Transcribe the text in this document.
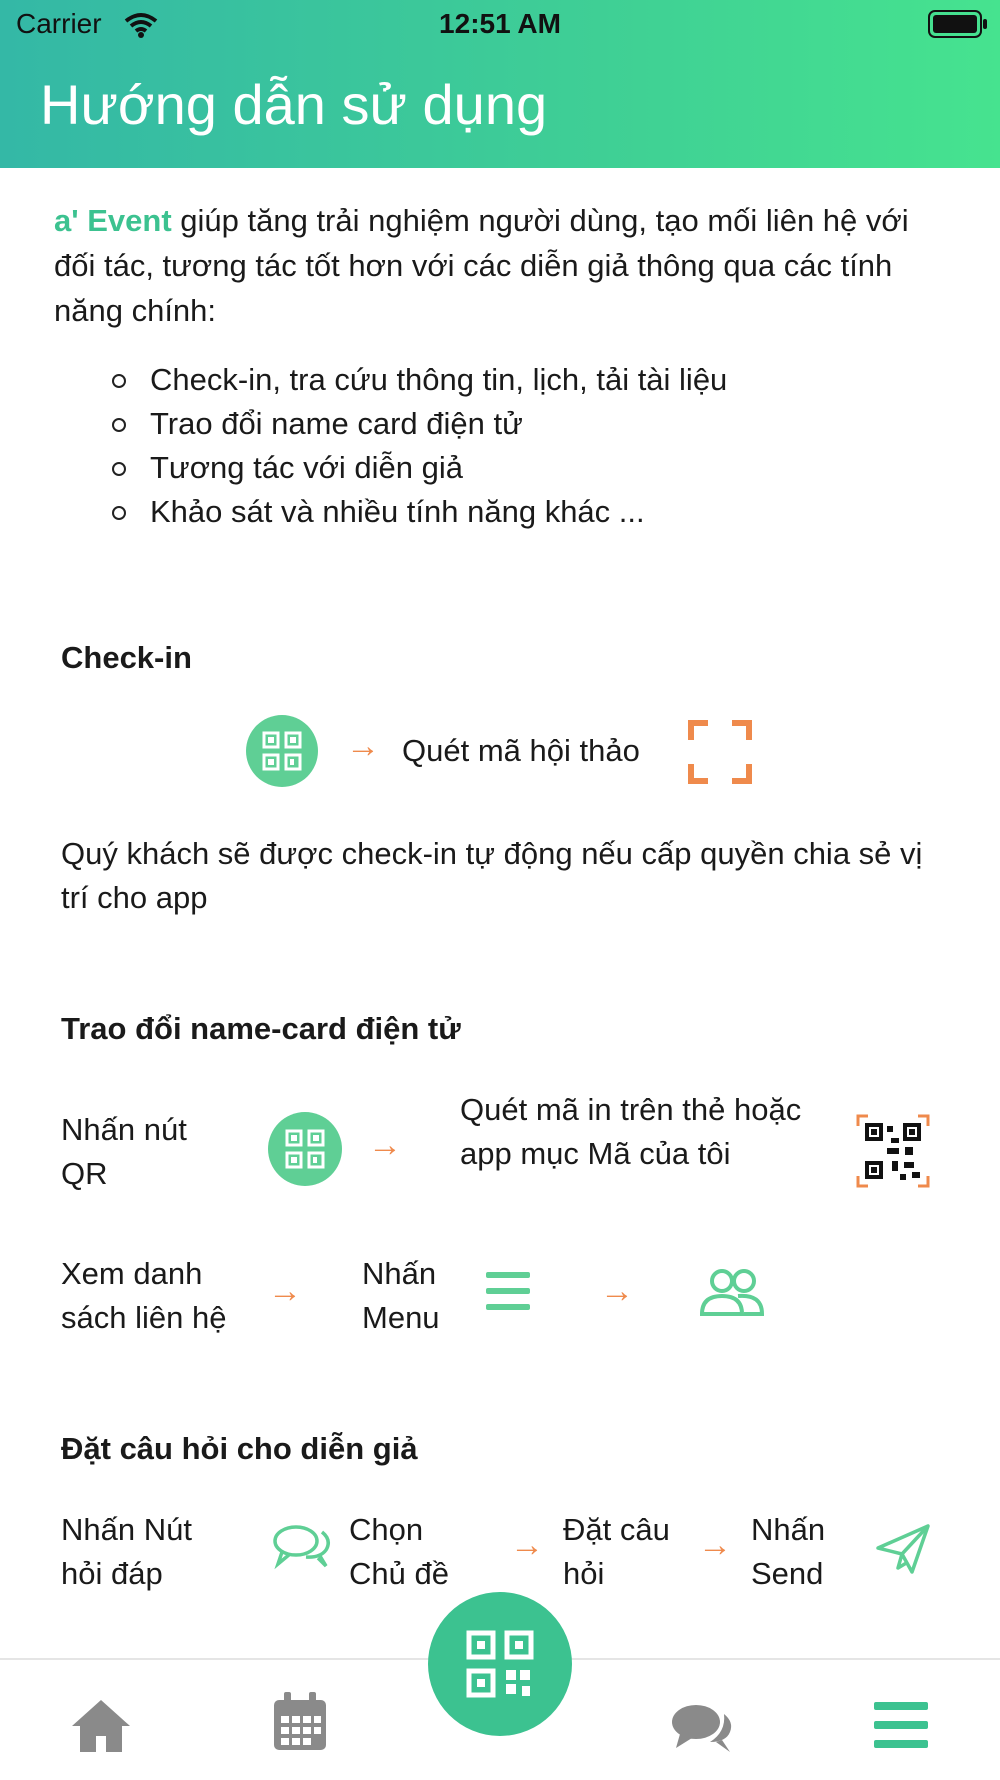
Carrier	12:51 AM
Hướng dẫn sử dụng
a' Event giúp tăng trải nghiệm người dùng, tạo mối liên hệ với đối tác, tương tác tốt hơn với các diễn giả thông qua các tính năng chính:
Check-in, tra cứu thông tin, lịch, tải tài liệu
Trao đổi name card điện tử
Tương tác với diễn giả
Khảo sát và nhiều tính năng khác ...
Check-in
→ Quét mã hội thảo
Quý khách sẽ được check-in tự động nếu cấp quyền chia sẻ vị trí cho app
Trao đổi name-card điện tử
Nhấn nút QR
→
Quét mã in trên thẻ hoặc app mục Mã của tôi
Xem danh sách liên hệ
→ Nhấn Menu
→
Đặt câu hỏi cho diễn giả
Nhấn Nút hỏi đáp
Chọn Chủ đề
→ Đặt câu hỏi
→ Nhấn Send
